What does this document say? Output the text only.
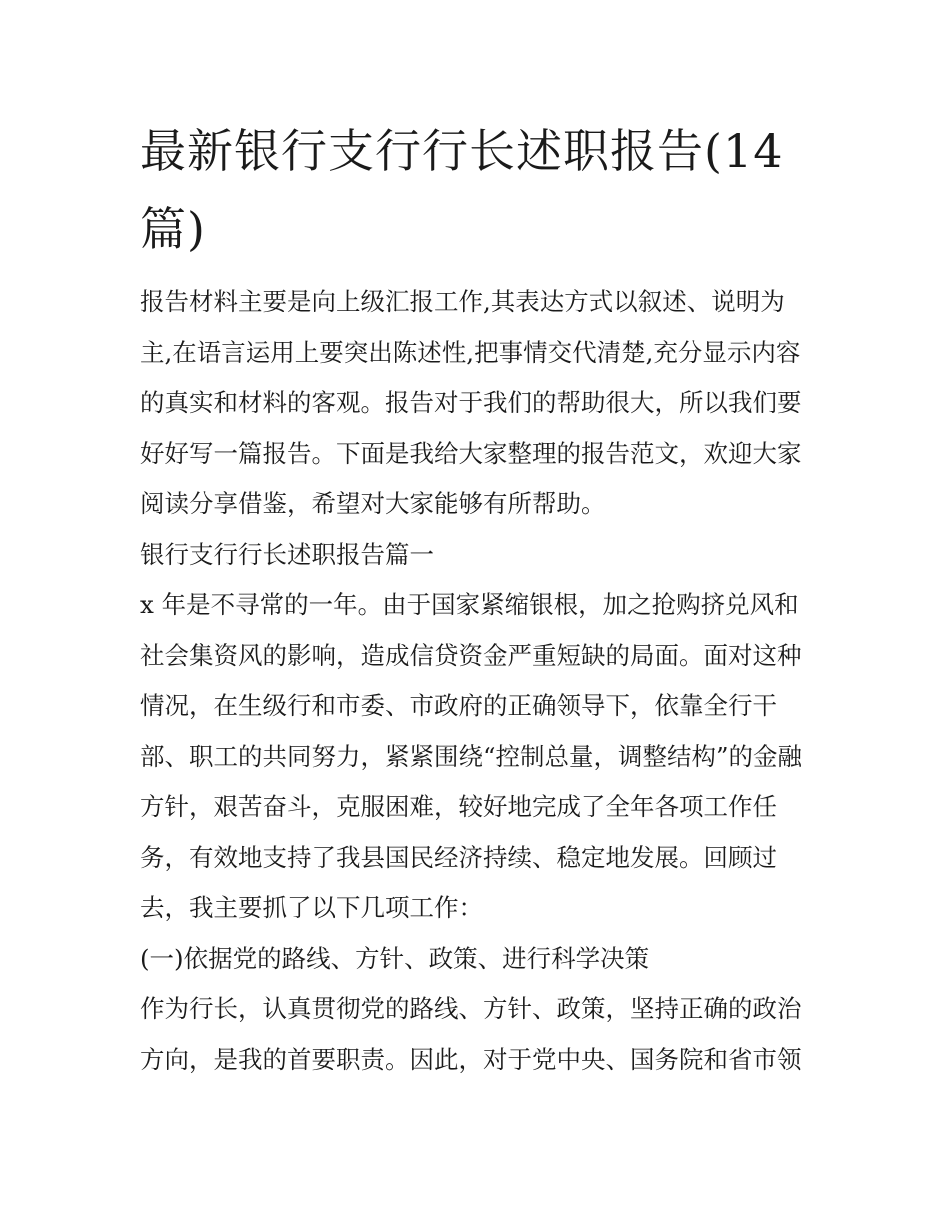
最新银行支行行长述职报告(14
篇)
报告材料主要是向上级汇报工作,其表达方式以叙述、说明为
主,在语言运用上要突出陈述性,把事情交代清楚,充分显示内容
的真实和材料的客观。报告对于我们的帮助很大，所以我们要
好好写一篇报告。下面是我给大家整理的报告范文，欢迎大家
阅读分享借鉴，希望对大家能够有所帮助。
银行支行行长述职报告篇一
x 年是不寻常的一年。由于国家紧缩银根，加之抢购挤兑风和
社会集资风的影响，造成信贷资金严重短缺的局面。面对这种
情况，在生级行和市委、市政府的正确领导下，依靠全行干
部、职工的共同努力，紧紧围绕“控制总量，调整结构”的金融
方针，艰苦奋斗，克服困难，较好地完成了全年各项工作任
务，有效地支持了我县国民经济持续、稳定地发展。回顾过
去，我主要抓了以下几项工作：
(一)依据党的路线、方针、政策、进行科学决策
作为行长，认真贯彻党的路线、方针、政策，坚持正确的政治
方向，是我的首要职责。因此，对于党中央、国务院和省市领
